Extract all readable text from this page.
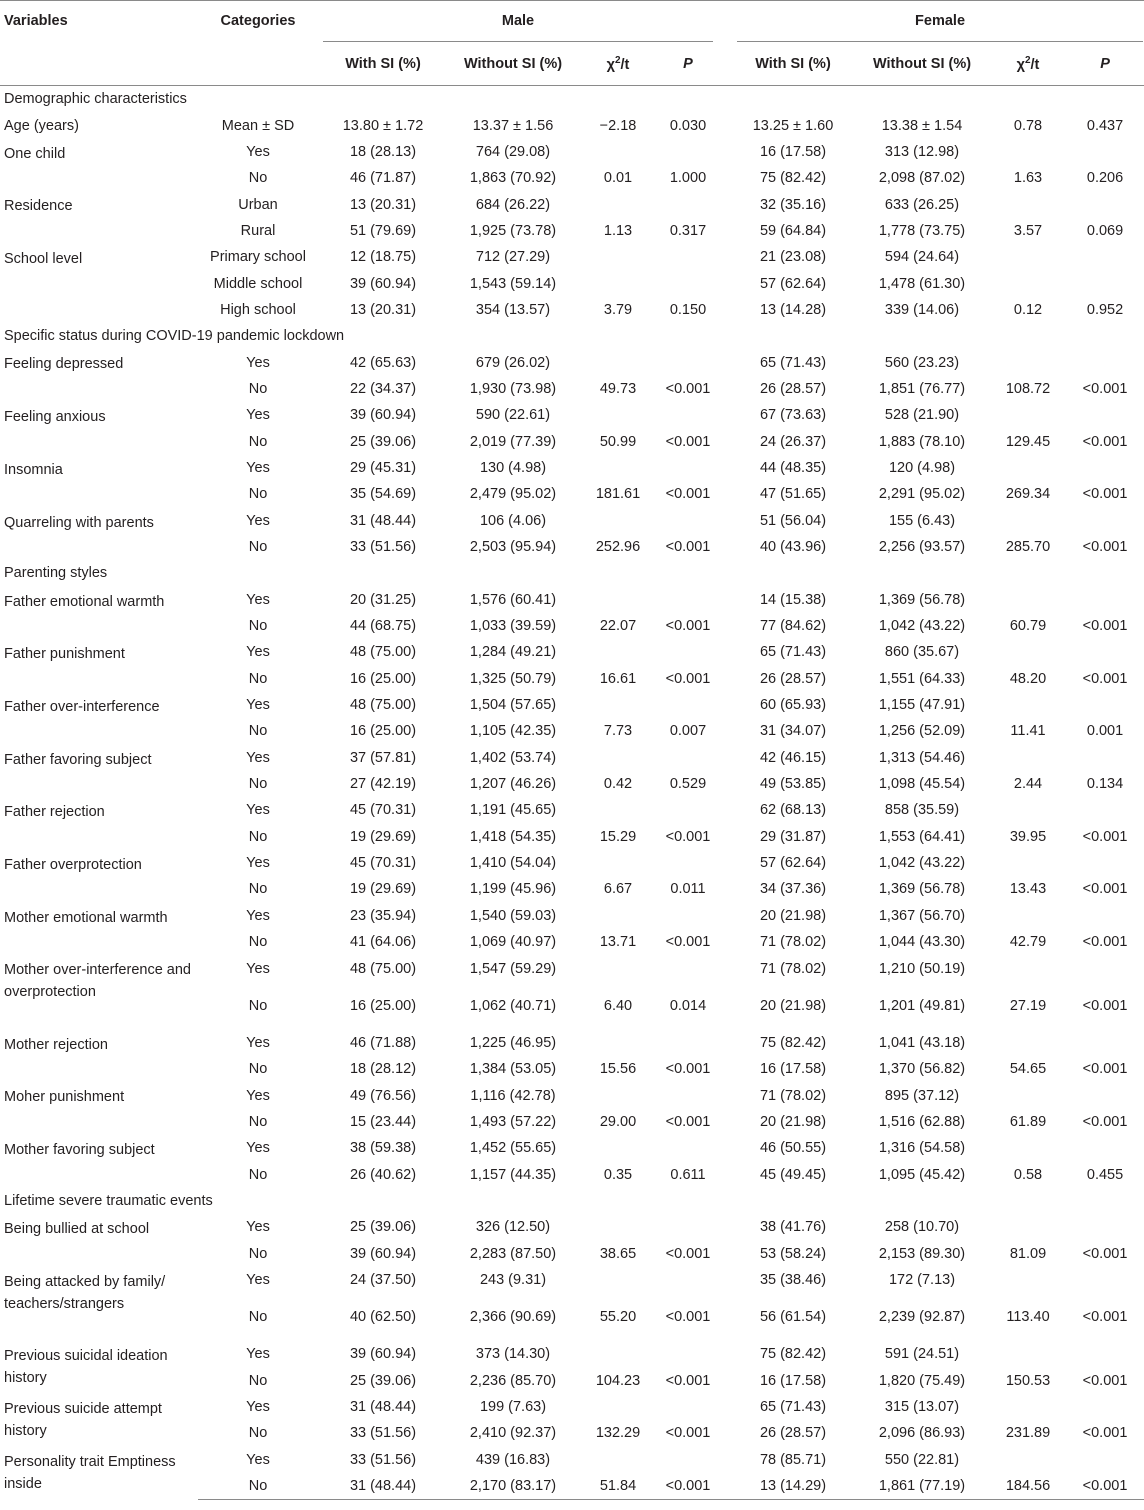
Variables	Categories	Male					Female			

		With SI (%)	Without SI (%)	$\chi^2/t$	P		With SI (%)	Without SI (%)	$\chi^2/t$	P
Demographic characteristics										
Age (years)	Mean ± SD	13.80 ± 1.72	13.37 ± 1.56	−2.18	0.030		13.25 ± 1.60	13.38 ± 1.54	0.78	0.437
One child	Yes	18 (28.13)	764 (29.08)				16 (17.58)	313 (12.98)		
	No	46 (71.87)	1,863 (70.92)	0.01	1.000		75 (82.42)	2,098 (87.02)	1.63	0.206
Residence	Urban	13 (20.31)	684 (26.22)				32 (35.16)	633 (26.25)		
	Rural	51 (79.69)	1,925 (73.78)	1.13	0.317		59 (64.84)	1,778 (73.75)	3.57	0.069
School level	Primary school	12 (18.75)	712 (27.29)				21 (23.08)	594 (24.64)		
	Middle school	39 (60.94)	1,543 (59.14)				57 (62.64)	1,478 (61.30)		
	High school	13 (20.31)	354 (13.57)	3.79	0.150		13 (14.28)	339 (14.06)	0.12	0.952
Specific status during COVID-19 pandemic lockdown										
Feeling depressed	Yes	42 (65.63)	679 (26.02)				65 (71.43)	560 (23.23)		
	No	22 (34.37)	1,930 (73.98)	49.73	<0.001		26 (28.57)	1,851 (76.77)	108.72	<0.001
Feeling anxious	Yes	39 (60.94)	590 (22.61)				67 (73.63)	528 (21.90)		
	No	25 (39.06)	2,019 (77.39)	50.99	<0.001		24 (26.37)	1,883 (78.10)	129.45	<0.001
Insomnia	Yes	29 (45.31)	130 (4.98)				44 (48.35)	120 (4.98)		
	No	35 (54.69)	2,479 (95.02)	181.61	<0.001		47 (51.65)	2,291 (95.02)	269.34	<0.001
Quarreling with parents	Yes	31 (48.44)	106 (4.06)				51 (56.04)	155 (6.43)		
	No	33 (51.56)	2,503 (95.94)	252.96	<0.001		40 (43.96)	2,256 (93.57)	285.70	<0.001
Parenting styles										
Father emotional warmth	Yes	20 (31.25)	1,576 (60.41)				14 (15.38)	1,369 (56.78)		
	No	44 (68.75)	1,033 (39.59)	22.07	<0.001		77 (84.62)	1,042 (43.22)	60.79	<0.001
Father punishment	Yes	48 (75.00)	1,284 (49.21)				65 (71.43)	860 (35.67)		
	No	16 (25.00)	1,325 (50.79)	16.61	<0.001		26 (28.57)	1,551 (64.33)	48.20	<0.001
Father over-interference	Yes	48 (75.00)	1,504 (57.65)				60 (65.93)	1,155 (47.91)		
	No	16 (25.00)	1,105 (42.35)	7.73	0.007		31 (34.07)	1,256 (52.09)	11.41	0.001
Father favoring subject	Yes	37 (57.81)	1,402 (53.74)				42 (46.15)	1,313 (54.46)		
	No	27 (42.19)	1,207 (46.26)	0.42	0.529		49 (53.85)	1,098 (45.54)	2.44	0.134
Father rejection	Yes	45 (70.31)	1,191 (45.65)				62 (68.13)	858 (35.59)		
	No	19 (29.69)	1,418 (54.35)	15.29	<0.001		29 (31.87)	1,553 (64.41)	39.95	<0.001
Father overprotection	Yes	45 (70.31)	1,410 (54.04)				57 (62.64)	1,042 (43.22)		
	No	19 (29.69)	1,199 (45.96)	6.67	0.011		34 (37.36)	1,369 (56.78)	13.43	<0.001
Mother emotional warmth	Yes	23 (35.94)	1,540 (59.03)				20 (21.98)	1,367 (56.70)		
	No	41 (64.06)	1,069 (40.97)	13.71	<0.001		71 (78.02)	1,044 (43.30)	42.79	<0.001
Mother over-interference and overprotection	Yes	48 (75.00)	1,547 (59.29)				71 (78.02)	1,210 (50.19)		
	No	16 (25.00)	1,062 (40.71)	6.40	0.014		20 (21.98)	1,201 (49.81)	27.19	<0.001
Mother rejection	Yes	46 (71.88)	1,225 (46.95)				75 (82.42)	1,041 (43.18)		
	No	18 (28.12)	1,384 (53.05)	15.56	<0.001		16 (17.58)	1,370 (56.82)	54.65	<0.001
Moher punishment	Yes	49 (76.56)	1,116 (42.78)				71 (78.02)	895 (37.12)		
	No	15 (23.44)	1,493 (57.22)	29.00	<0.001		20 (21.98)	1,516 (62.88)	61.89	<0.001
Mother favoring subject	Yes	38 (59.38)	1,452 (55.65)				46 (50.55)	1,316 (54.58)		
	No	26 (40.62)	1,157 (44.35)	0.35	0.611		45 (49.45)	1,095 (45.42)	0.58	0.455
Lifetime severe traumatic events										
Being bullied at school	Yes	25 (39.06)	326 (12.50)				38 (41.76)	258 (10.70)		
	No	39 (60.94)	2,283 (87.50)	38.65	<0.001		53 (58.24)	2,153 (89.30)	81.09	<0.001
Being attacked by family/ teachers/strangers	Yes	24 (37.50)	243 (9.31)				35 (38.46)	172 (7.13)		
	No	40 (62.50)	2,366 (90.69)	55.20	<0.001		56 (61.54)	2,239 (92.87)	113.40	<0.001
Previous suicidal ideation history	Yes	39 (60.94)	373 (14.30)				75 (82.42)	591 (24.51)		
	No	25 (39.06)	2,236 (85.70)	104.23	<0.001		16 (17.58)	1,820 (75.49)	150.53	<0.001
Previous suicide attempt history	Yes	31 (48.44)	199 (7.63)				65 (71.43)	315 (13.07)		
	No	33 (51.56)	2,410 (92.37)	132.29	<0.001		26 (28.57)	2,096 (86.93)	231.89	<0.001
Personality trait Emptiness inside	Yes	33 (51.56)	439 (16.83)				78 (85.71)	550 (22.81)		
	No	31 (48.44)	2,170 (83.17)	51.84	<0.001		13 (14.29)	1,861 (77.19)	184.56	<0.001
